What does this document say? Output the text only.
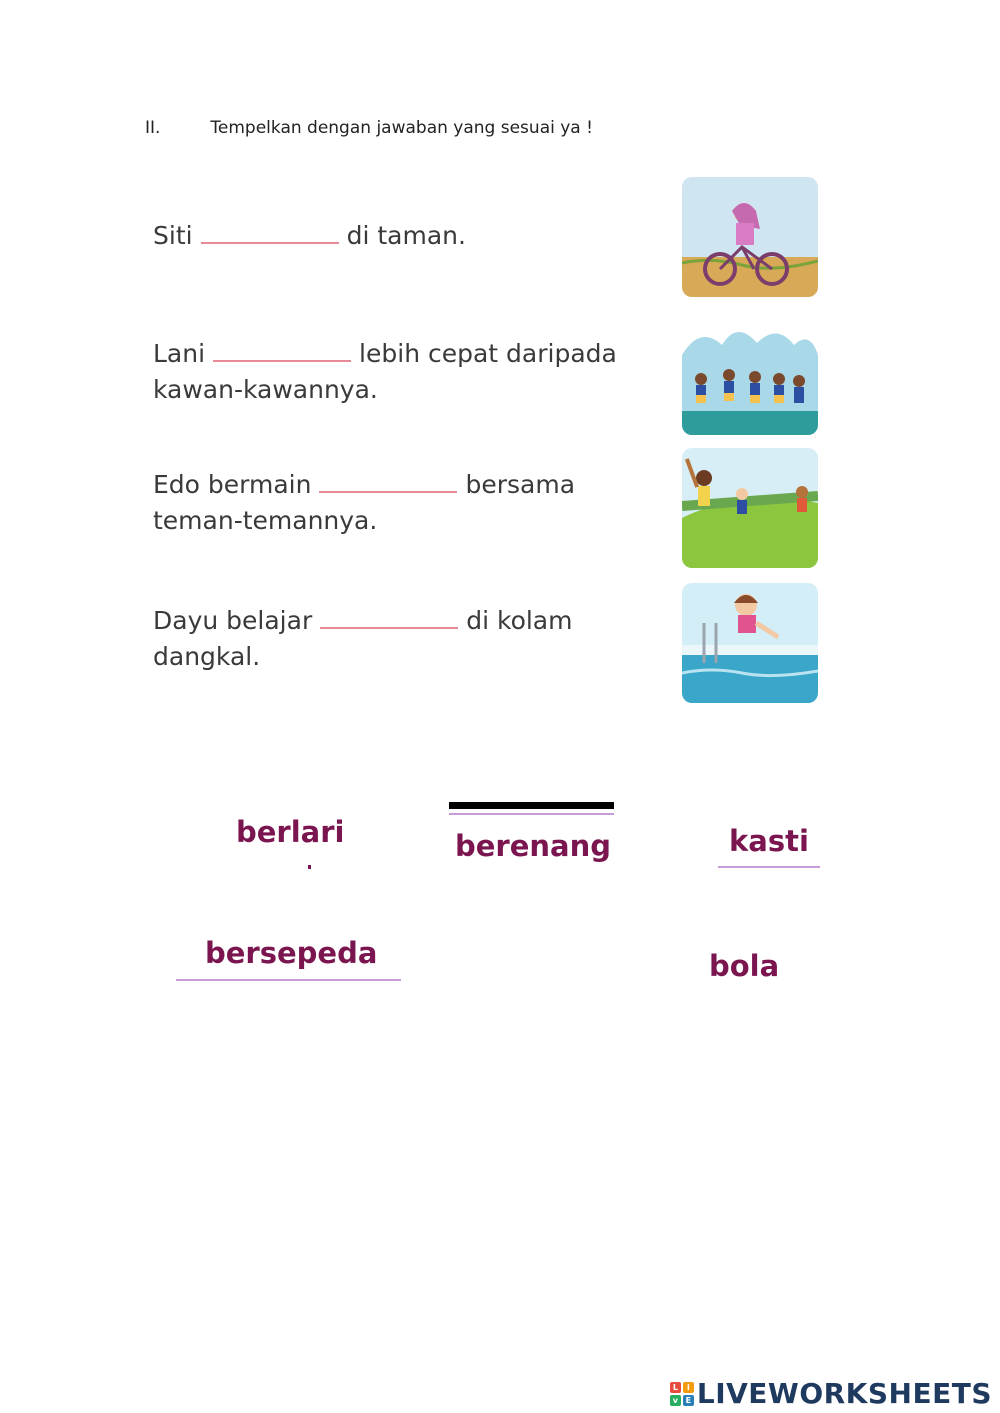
II.	Tempelkan dengan jawaban yang sesuai ya !
Siti	di taman.
Lani	lebih cepat daripada kawan-kawannya.
Edo bermain	bersama teman-temannya.
Dayu belajar	di kolam dangkal.
berlari	berenang	kasti
bersepeda	bola
L	i
v E LIVEWORKSHEETS
